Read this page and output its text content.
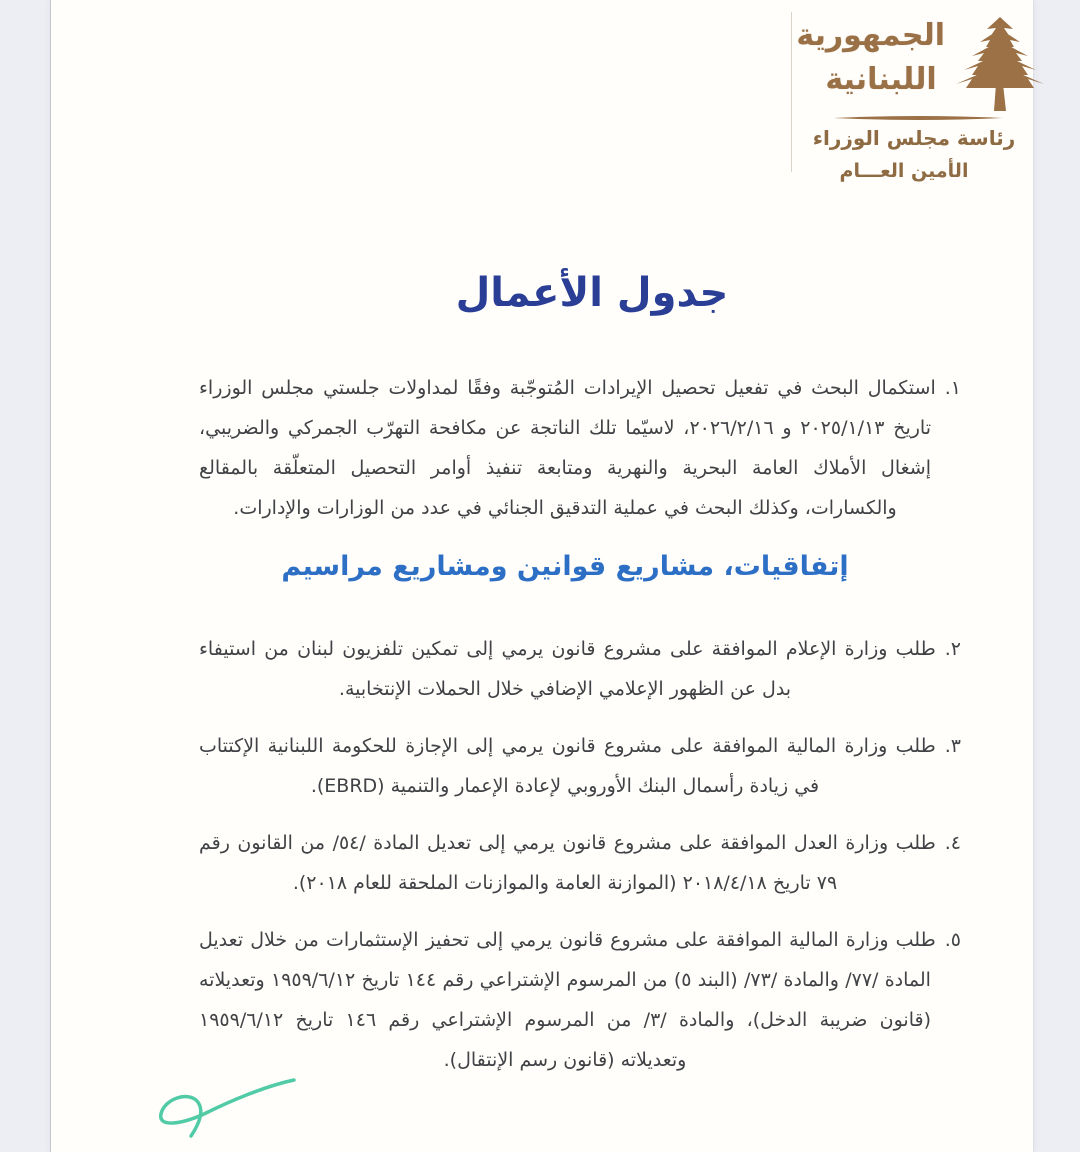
الجمهورية
اللبنانية
رئاسة مجلس الوزراء
الأمين العـــام
جدول الأعمال

١.استكمال البحث في تفعيل تحصيل الإيرادات المُتوجّبة وفقًا لمداولات جلستي مجلس الوزراء تاريخ ٢٠٢٥/١/١٣ و ٢٠٢٦/٢/١٦، لاسيّما تلك الناتجة عن مكافحة التهرّب الجمركي والضريبي، إشغال الأملاك العامة البحرية والنهرية ومتابعة تنفيذ أوامر التحصيل المتعلّقة بالمقالع والكسارات، وكذلك البحث في عملية التدقيق الجنائي في عدد من الوزارات والإدارات.

إتفاقيات، مشاريع قوانين ومشاريع مراسيم

٢.طلب وزارة الإعلام الموافقة على مشروع قانون يرمي إلى تمكين تلفزيون لبنان من استيفاء بدل عن الظهور الإعلامي الإضافي خلال الحملات الإنتخابية.

٣.طلب وزارة المالية الموافقة على مشروع قانون يرمي إلى الإجازة للحكومة اللبنانية الإكتتاب في زيادة رأسمال البنك الأوروبي لإعادة الإعمار والتنمية (EBRD).

٤.طلب وزارة العدل الموافقة على مشروع قانون يرمي إلى تعديل المادة /٥٤/ من القانون رقم ٧٩ تاريخ ٢٠١٨/٤/١٨ (الموازنة العامة والموازنات الملحقة للعام ٢٠١٨).

٥.طلب وزارة المالية الموافقة على مشروع قانون يرمي إلى تحفيز الإستثمارات من خلال تعديل المادة /٧٧/ والمادة /٧٣/ (البند ٥) من المرسوم الإشتراعي رقم ١٤٤ تاريخ ١٩٥٩/٦/١٢ وتعديلاته (قانون ضريبة الدخل)، والمادة /٣/ من المرسوم الإشتراعي رقم ١٤٦ تاريخ ١٩٥٩/٦/١٢ وتعديلاته (قانون رسم الإنتقال).
